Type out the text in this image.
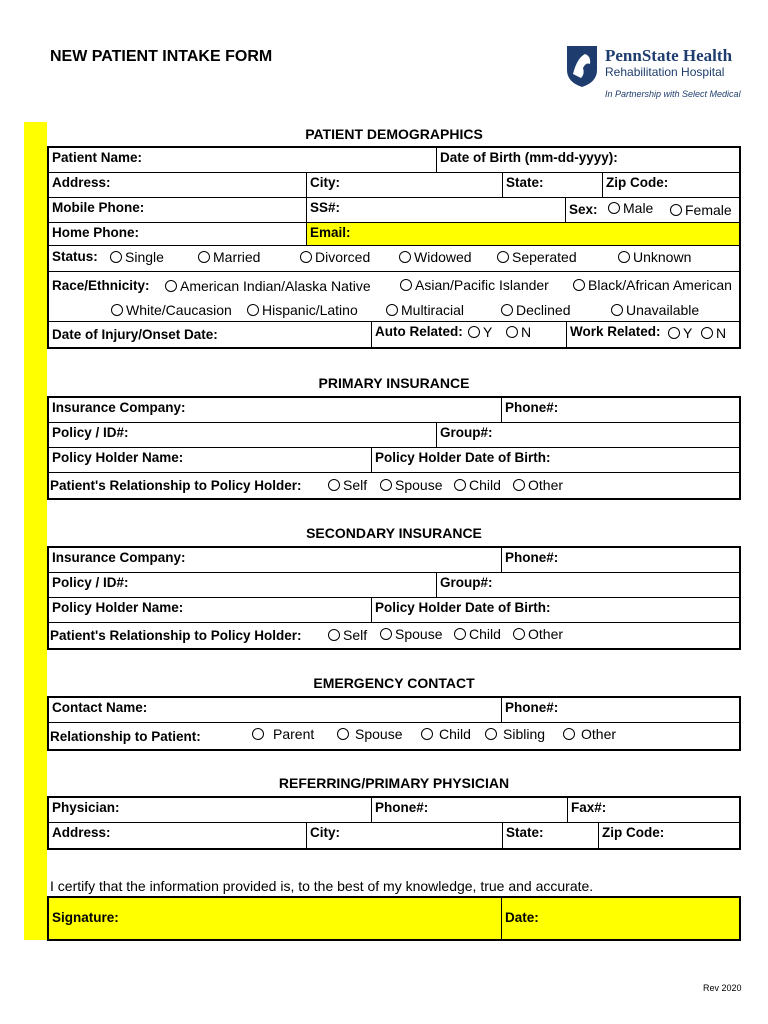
NEW PATIENT INTAKE FORM	PennState Health
Rehabilitation Hospital
In Partnership with Select Medical
PATIENT DEMOGRAPHICS
Patient Name:	Date of Birth (mm-dd-yyyy):
Address:	City:	State:	Zip Code:
Mobile Phone:	SS#:	Sex:	Male	Female
Home Phone:	Email:
Status:	Single	Married	Divorced	Widowed	Seperated	Unknown
Race/Ethnicity:	American Indian/Alaska Native	Asian/Pacific Islander	Black/African American
White/Caucasion	Hispanic/Latino	Multiracial	Declined	Unavailable
Date of Injury/Onset Date:	Auto Related:	Y	N	Work Related:	Y	N
PRIMARY INSURANCE
Insurance Company:	Phone#:
Policy / ID#:	Group#:
Policy Holder Name:	Policy Holder Date of Birth:
Patient's Relationship to Policy Holder:	Self	Spouse	Child	Other
SECONDARY INSURANCE
Insurance Company:	Phone#:
Policy / ID#:	Group#:
Policy Holder Name:	Policy Holder Date of Birth:
Patient's Relationship to Policy Holder:	Self	Spouse	Child	Other
EMERGENCY CONTACT
Contact Name:	Phone#:
Relationship to Patient:	Parent	Spouse	Child	Sibling	Other
REFERRING/PRIMARY PHYSICIAN
Physician:	Phone#:	Fax#:
Address:	City:	State:	Zip Code:
I certify that the information provided is, to the best of my knowledge, true and accurate.
Signature:	Date:
Rev 2020
